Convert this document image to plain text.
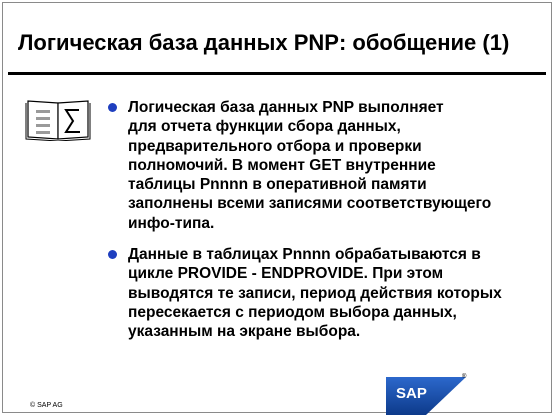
Логическая база данных PNP: обобщение (1)
Логическая база данных PNP выполняет
для отчета функции сбора данных,
предварительного отбора и проверки
полномочий. В момент GET внутренние
таблицы Pnnnn в оперативной памяти
заполнены всеми записями соответствующего
инфо-типа.
Данные в таблицах Pnnnn обрабатываются в
цикле PROVIDE - ENDPROVIDE. При этом
выводятся те записи, период действия которых
пересекается с периодом выбора данных,
указанным на экране выбора.
© SAP AG
SAP
®
